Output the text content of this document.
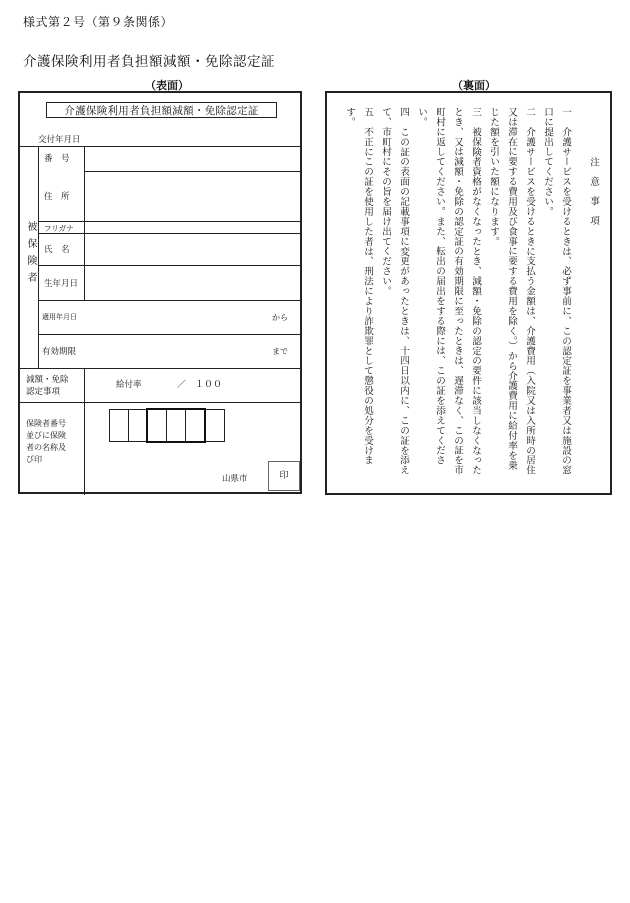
様式第２号（第９条関係）
介護保険利用者負担額減額・免除認定証
（表面）	（裏面）
介護保険利用者負担額減額・免除認定証
交付年月日
被保険者
番　号
住　所
フリガナ
氏　名
生年月日
適用年月日	から
有効期限	まで
減額・免除
認定事項
給付率	／　１００
保険者番号
並びに保険
者の名称及
び印
山県市	印
注意事項

一　介護サービスを受けるときは、必ず事前に、この認定証を事業者又は施設の窓口に提出してください。

二　介護サービスを受けるときに支払う金額は、介護費用（入院又は入所時の居住又は滞在に要する費用及び食事に要する費用を除く。）から介護費用に給付率を乗じた額を引いた額になります。

三　被保険者資格がなくなったとき、減額・免除の認定の要件に該当しなくなったとき、又は減額・免除の認定証の有効期限に至ったときは、遅滞なく、この証を市町村に返してください。また、転出の届出をする際には、この証を添えてください。

四　この証の表面の記載事項に変更があったときは、十四日以内に、この証を添えて、市町村にその旨を届け出てください。

五　不正にこの証を使用した者は、刑法により詐欺罪として懲役の処分を受けます。
